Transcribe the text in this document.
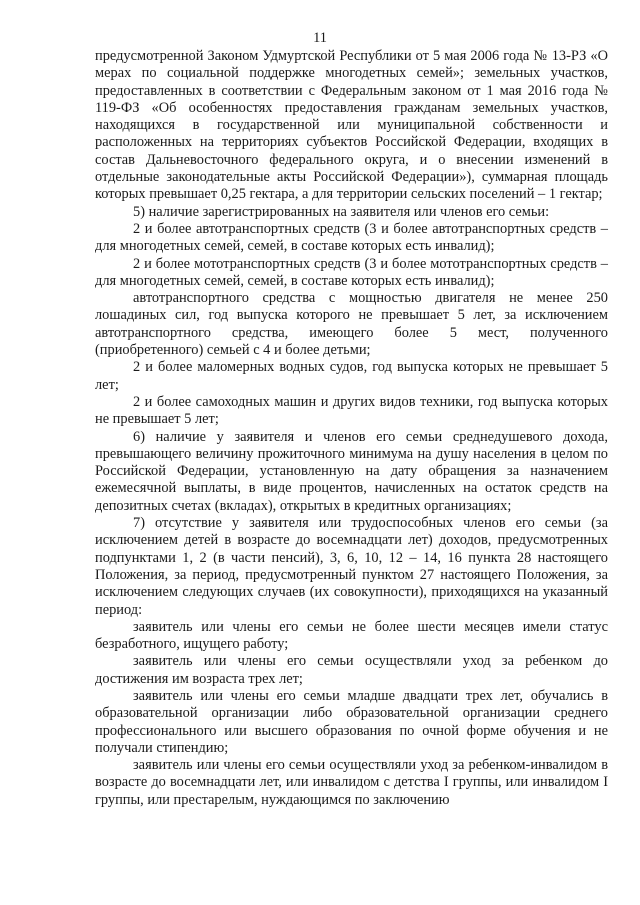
11

предусмотренной Законом Удмуртской Республики от 5 мая 2006 года № 13-РЗ «О мерах по социальной поддержке многодетных семей»; земельных участков, предоставленных в соответствии с Федеральным законом от 1 мая 2016 года № 119-ФЗ «Об особенностях предоставления гражданам земельных участков, находящихся в государственной или муниципальной собственности и расположенных на территориях субъектов Российской Федерации, входящих в состав Дальневосточного федерального округа, и о внесении изменений в отдельные законодательные акты Российской Федерации»), суммарная площадь которых превышает 0,25 гектара, а для территории сельских поселений – 1 гектар;

5) наличие зарегистрированных на заявителя или членов его семьи:

2 и более автотранспортных средств (3 и более автотранспортных средств – для многодетных семей, семей, в составе которых есть инвалид);

2 и более мототранспортных средств (3 и более мототранспортных средств – для многодетных семей, семей, в составе которых есть инвалид);

автотранспортного средства с мощностью двигателя не менее 250 лошадиных сил, год выпуска которого не превышает 5 лет, за исключением автотранспортного средства, имеющего более 5 мест, полученного (приобретенного) семьей с 4 и более детьми;

2 и более маломерных водных судов, год выпуска которых не превышает 5 лет;

2 и более самоходных машин и других видов техники, год выпуска которых не превышает 5 лет;

6) наличие у заявителя и членов его семьи среднедушевого дохода, превышающего величину прожиточного минимума на душу населения в целом по Российской Федерации, установленную на дату обращения за назначением ежемесячной выплаты, в виде процентов, начисленных на остаток средств на депозитных счетах (вкладах), открытых в кредитных организациях;

7) отсутствие у заявителя или трудоспособных членов его семьи (за исключением детей в возрасте до восемнадцати лет) доходов, предусмотренных подпунктами 1, 2 (в части пенсий), 3, 6, 10, 12 – 14, 16 пункта 28 настоящего Положения, за период, предусмотренный пунктом 27 настоящего Положения, за исключением следующих случаев (их совокупности), приходящихся на указанный период:

заявитель или члены его семьи не более шести месяцев имели статус безработного, ищущего работу;

заявитель или члены его семьи осуществляли уход за ребенком до достижения им возраста трех лет;

заявитель или члены его семьи младше двадцати трех лет, обучались в образовательной организации либо образовательной организации среднего профессионального или высшего образования по очной форме обучения и не получали стипендию;

заявитель или члены его семьи осуществляли уход за ребенком-инвалидом в возрасте до восемнадцати лет, или инвалидом с детства I группы, или инвалидом I группы, или престарелым, нуждающимся по заключению
